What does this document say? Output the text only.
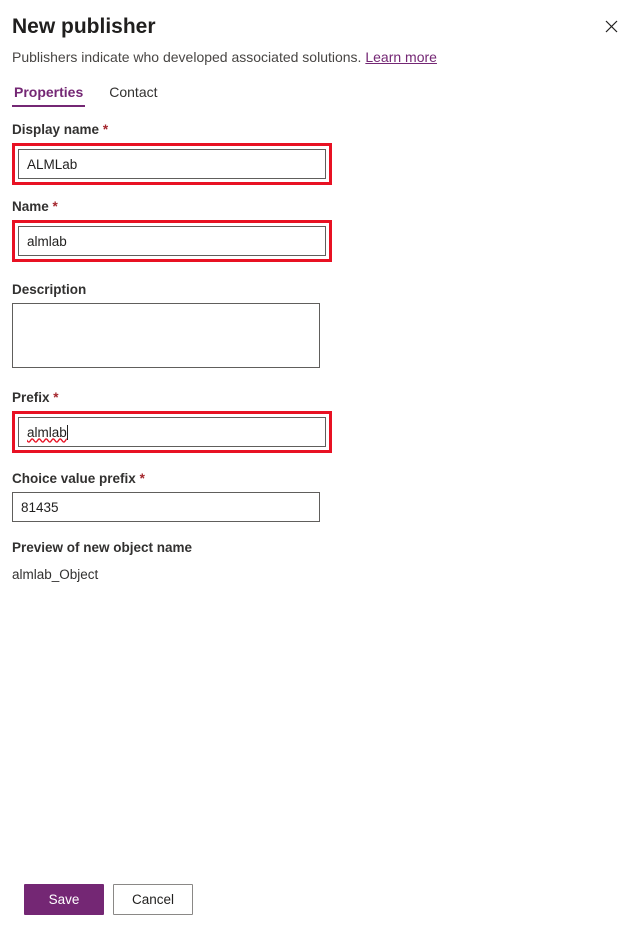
New publisher
Publishers indicate who developed associated solutions. Learn more
Properties Contact
Display name *
ALMLab
Name *
almlab
Description
Prefix *
almlab
Choice value prefix *
81435
Preview of new object name
almlab_Object
Save	Cancel
